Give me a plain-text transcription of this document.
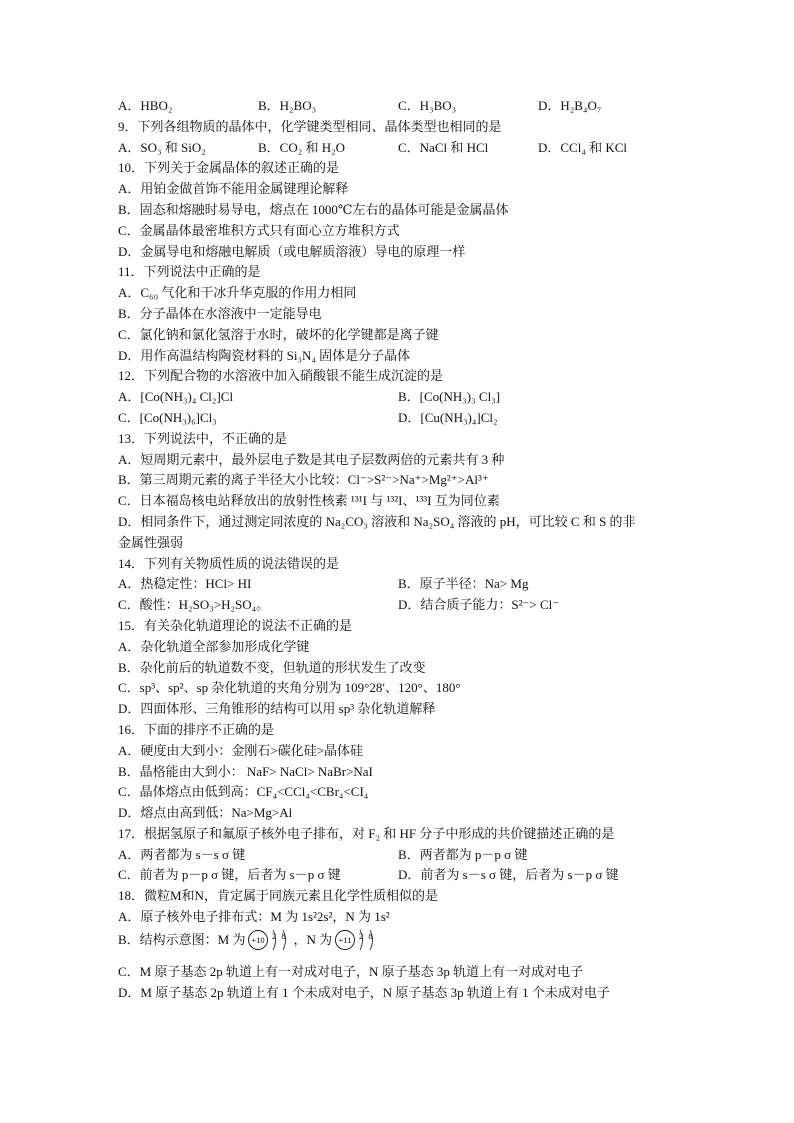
A．HBO₂	B．H₂BO₃	C．H₃BO₃	D．H₂B₄O₇
9．下列各组物质的晶体中，化学键类型相同、晶体类型也相同的是
A．SO₃ 和 SiO₂	B．CO₂ 和 H₂O	C．NaCl 和 HCl	D．CCl₄ 和 KCl
10．下列关于金属晶体的叙述正确的是
A．用铂金做首饰不能用金属键理论解释
B．固态和熔融时易导电，熔点在 1000℃左右的晶体可能是金属晶体
C．金属晶体最密堆积方式只有面心立方堆积方式
D．金属导电和熔融电解质（或电解质溶液）导电的原理一样
11．下列说法中正确的是
A．C₆₀ 气化和干冰升华克服的作用力相同
B．分子晶体在水溶液中一定能导电
C．氯化钠和氯化氢溶于水时，破坏的化学键都是离子键
D．用作高温结构陶瓷材料的 Si₃N₄ 固体是分子晶体
12．下列配合物的水溶液中加入硝酸银不能生成沉淀的是
A．[Co(NH₃)₄ Cl₂]Cl	B．[Co(NH₃)₃ Cl₃]
C．[Co(NH₃)₆]Cl₃	D．[Cu(NH₃)₄]Cl₂
13．下列说法中，不正确的是
A．短周期元素中，最外层电子数是其电子层数两倍的元素共有 3 种
B．第三周期元素的离子半径大小比较：Cl⁻>S²⁻>Na⁺>Mg²⁺>Al³⁺
C．日本福岛核电站释放出的放射性核素 ¹³¹I 与 ¹³²I、¹³³I 互为同位素
D．相同条件下，通过测定同浓度的 Na₂CO₃ 溶液和 Na₂SO₄ 溶液的 pH，可比较 C 和 S 的非
金属性强弱
14．下列有关物质性质的说法错误的是
A．热稳定性：HCl> HI	B．原子半径：Na> Mg
C．酸性：H₂SO₃>H₂SO₄。	D．结合质子能力：S²⁻> Cl⁻
15．有关杂化轨道理论的说法不正确的是
A．杂化轨道全部参加形成化学键
B．杂化前后的轨道数不变，但轨道的形状发生了改变
C．sp³、sp²、sp 杂化轨道的夹角分别为 109°28′、120°、180°
D．四面体形、三角锥形的结构可以用 sp³ 杂化轨道解释
16．下面的排序不正确的是
A．硬度由大到小：金刚石>碳化硅>晶体硅
B．晶格能由大到小： NaF> NaCl> NaBr>NaI
C．晶体熔点由低到高：CF₄<CCl₄<CBr₄<CI₄
D．熔点由高到低：Na>Mg>Al
17．根据氢原子和氟原子核外电子排布，对 F₂ 和 HF 分子中形成的共价键描述正确的是
A．两者都为 s－s σ 键	B．两者都为 p－p σ 键
C．前者为 p－p σ 键，后者为 s－p σ 键	D．前者为 s－s σ 键，后者为 s－p σ 键
18．微粒M和N，肯定属于同族元素且化学性质相似的是
A．原子核外电子排布式：M 为 1s²2s²，N 为 1s²
B．结构示意图：M 为 +10 2 8 ，N 为 +11 2 8
C．M 原子基态 2p 轨道上有一对成对电子，N 原子基态 3p 轨道上有一对成对电子
D．M 原子基态 2p 轨道上有 1 个未成对电子，N 原子基态 3p 轨道上有 1 个未成对电子
